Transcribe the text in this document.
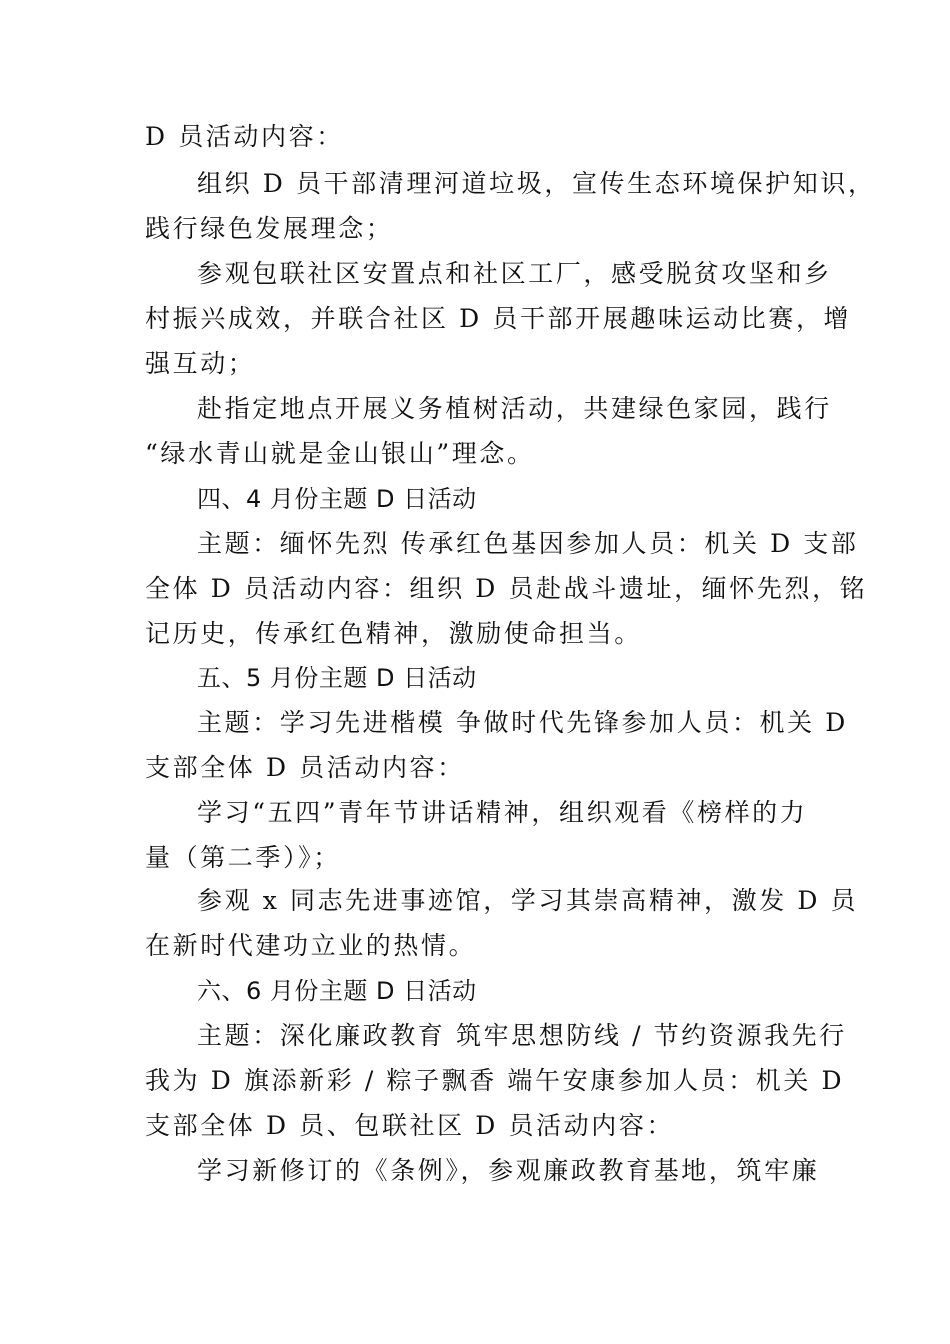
D 员活动内容：
组织 D 员干部清理河道垃圾，宣传生态环境保护知识，
践行绿色发展理念；
参观包联社区安置点和社区工厂，感受脱贫攻坚和乡
村振兴成效，并联合社区 D 员干部开展趣味运动比赛，增
强互动；
赴指定地点开展义务植树活动，共建绿色家园，践行
“绿水青山就是金山银山”理念。
四、4 月份主题 D 日活动
主题：缅怀先烈 传承红色基因参加人员：机关 D 支部
全体 D 员活动内容：组织 D 员赴战斗遗址，缅怀先烈，铭
记历史，传承红色精神，激励使命担当。
五、5 月份主题 D 日活动
主题：学习先进楷模 争做时代先锋参加人员：机关 D
支部全体 D 员活动内容：
学习“五四”青年节讲话精神，组织观看《榜样的力
量（第二季）》；
参观 x 同志先进事迹馆，学习其崇高精神，激发 D 员
在新时代建功立业的热情。
六、6 月份主题 D 日活动
主题：深化廉政教育 筑牢思想防线 / 节约资源我先行
我为 D 旗添新彩 / 粽子飘香 端午安康参加人员：机关 D
支部全体 D 员、包联社区 D 员活动内容：
学习新修订的《条例》，参观廉政教育基地，筑牢廉
